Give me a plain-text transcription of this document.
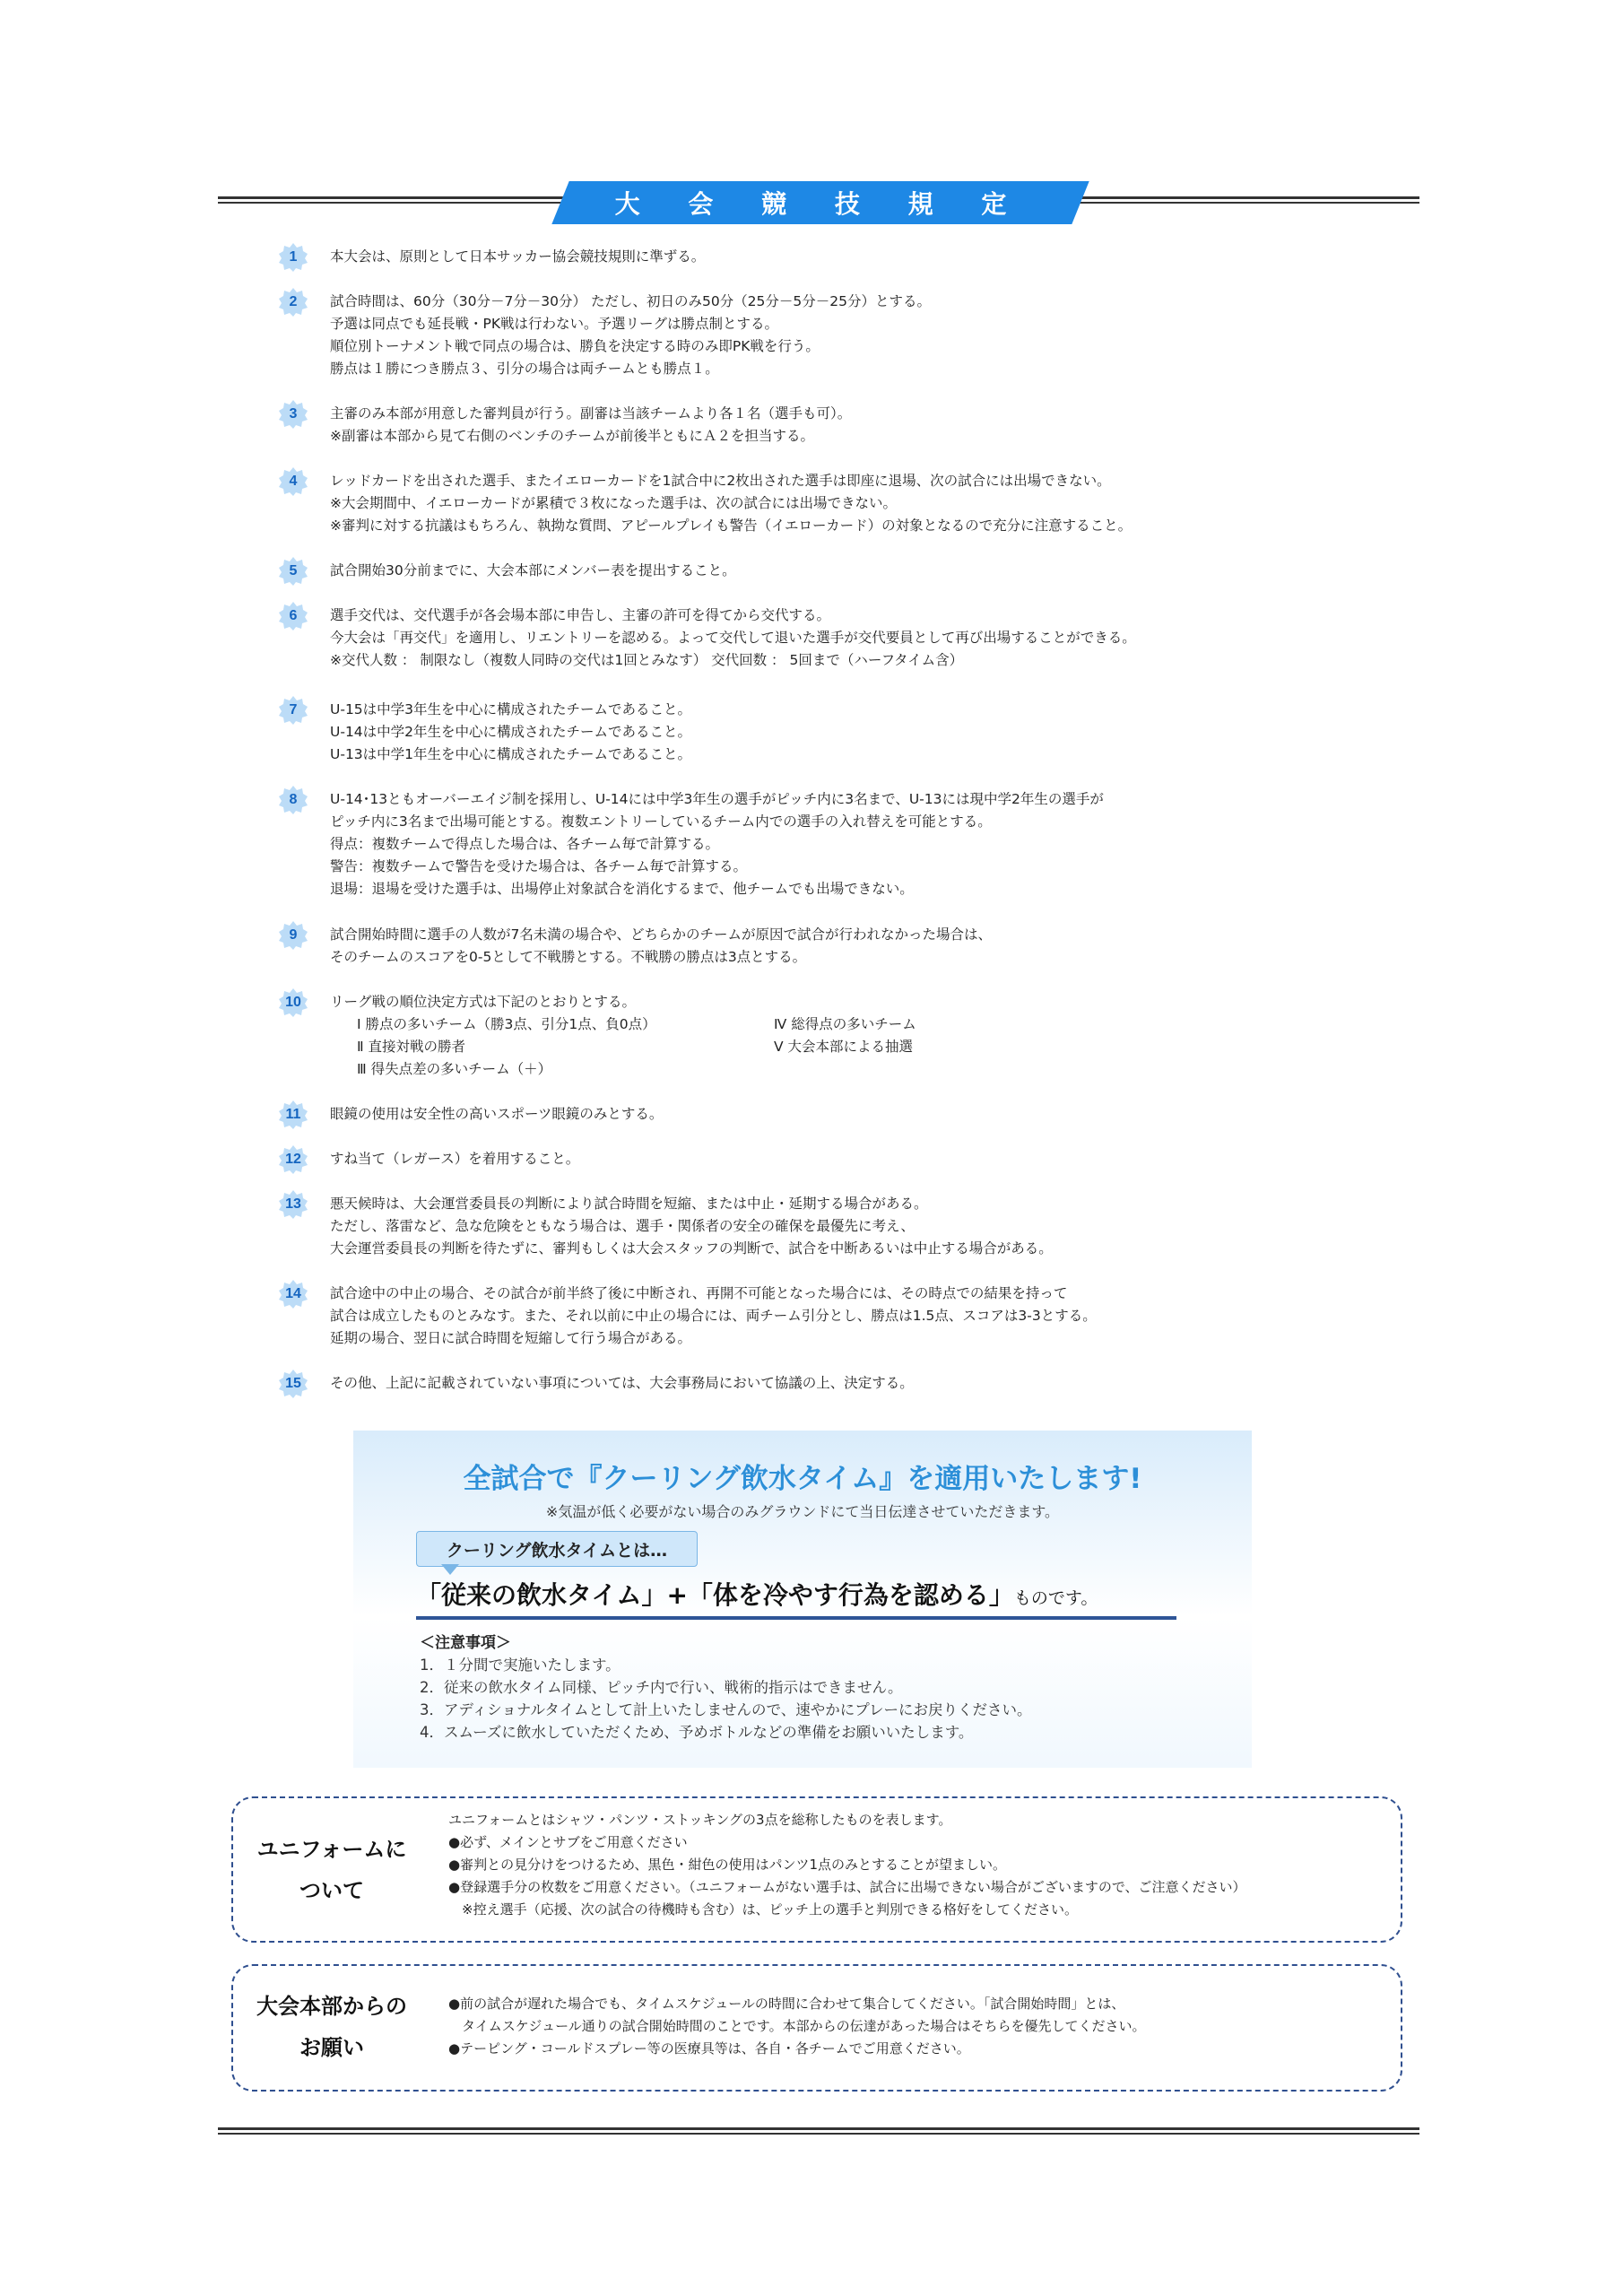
大 会 競 技 規 定
1 本大会は、原則として日本サッカー協会競技規則に準ずる。
2 試合時間は、60分（30分－7分－30分） ただし、初日のみ50分（25分－5分－25分）とする。
予選は同点でも延長戦・PK戦は行わない。予選リーグは勝点制とする。
順位別トーナメント戦で同点の場合は、勝負を決定する時のみ即PK戦を行う。
勝点は１勝につき勝点３、引分の場合は両チームとも勝点１。
3 主審のみ本部が用意した審判員が行う。副審は当該チームより各１名（選手も可）。
※副審は本部から見て右側のベンチのチームが前後半ともにＡ２を担当する。
4 レッドカードを出された選手、またイエローカードを1試合中に2枚出された選手は即座に退場、次の試合には出場できない。
※大会期間中、イエローカードが累積で３枚になった選手は、次の試合には出場できない。
※審判に対する抗議はもちろん、執拗な質問、アピールプレイも警告（イエローカード）の対象となるので充分に注意すること。
5 試合開始30分前までに、大会本部にメンバー表を提出すること。
6 選手交代は、交代選手が各会場本部に申告し、主審の許可を得てから交代する。
今大会は「再交代」を適用し、リエントリーを認める。よって交代して退いた選手が交代要員として再び出場することができる。
※交代人数 ： 制限なし（複数人同時の交代は1回とみなす） 交代回数 ： 5回まで（ハーフタイム含）
7 U-15は中学3年生を中心に構成されたチームであること。
U-14は中学2年生を中心に構成されたチームであること。
U-13は中学1年生を中心に構成されたチームであること。
8 U-14･13ともオーバーエイジ制を採用し、U-14には中学3年生の選手がピッチ内に3名まで、U-13には現中学2年生の選手が
ピッチ内に3名まで出場可能とする。複数エントリーしているチーム内での選手の入れ替えを可能とする。
得点：複数チームで得点した場合は、各チーム毎で計算する。
警告：複数チームで警告を受けた場合は、各チーム毎で計算する。
退場：退場を受けた選手は、出場停止対象試合を消化するまで、他チームでも出場できない。
9 試合開始時間に選手の人数が7名未満の場合や、どちらかのチームが原因で試合が行われなかった場合は、
そのチームのスコアを0-5として不戦勝とする。不戦勝の勝点は3点とする。
10 リーグ戦の順位決定方式は下記のとおりとする。
Ⅰ 勝点の多いチーム（勝3点、引分1点、負0点）
Ⅱ 直接対戦の勝者
Ⅲ 得失点差の多いチーム（＋）
Ⅳ 総得点の多いチーム
Ⅴ 大会本部による抽選
11 眼鏡の使用は安全性の高いスポーツ眼鏡のみとする。
12 すね当て（レガース）を着用すること。
13 悪天候時は、大会運営委員長の判断により試合時間を短縮、または中止・延期する場合がある。
ただし、落雷など、急な危険をともなう場合は、選手・関係者の安全の確保を最優先に考え、
大会運営委員長の判断を待たずに、審判もしくは大会スタッフの判断で、試合を中断あるいは中止する場合がある。
14 試合途中の中止の場合、その試合が前半終了後に中断され、再開不可能となった場合には、その時点での結果を持って
試合は成立したものとみなす。また、それ以前に中止の場合には、両チーム引分とし、勝点は1.5点、スコアは3-3とする。
延期の場合、翌日に試合時間を短縮して行う場合がある。
15 その他、上記に記載されていない事項については、大会事務局において協議の上、決定する。
全試合で『クーリング飲水タイム』を適用いたします!
※気温が低く必要がない場合のみグラウンドにて当日伝達させていただきます。
クーリング飲水タイムとは…
「従来の飲水タイム」+「体を冷やす行為を認める」ものです。
＜注意事項＞
1．１分間で実施いたします。
2．従来の飲水タイム同様、ピッチ内で行い、戦術的指示はできません。
3．アディショナルタイムとして計上いたしませんので、速やかにプレーにお戻りください。
4．スムーズに飲水していただくため、予めボトルなどの準備をお願いいたします。
ユニフォームに
ついて
ユニフォームとはシャツ・パンツ・ストッキングの3点を総称したものを表します。
●必ず、メインとサブをご用意ください
●審判との見分けをつけるため、黒色・紺色の使用はパンツ1点のみとすることが望ましい。
●登録選手分の枚数をご用意ください。（ユニフォームがない選手は、試合に出場できない場合がございますので、ご注意ください）
　※控え選手（応援、次の試合の待機時も含む）は、ピッチ上の選手と判別できる格好をしてください。
大会本部からの
お願い
●前の試合が遅れた場合でも、タイムスケジュールの時間に合わせて集合してください。「試合開始時間」とは、
　タイムスケジュール通りの試合開始時間のことです。本部からの伝達があった場合はそちらを優先してください。
●テーピング・コールドスプレー等の医療具等は、各自・各チームでご用意ください。
